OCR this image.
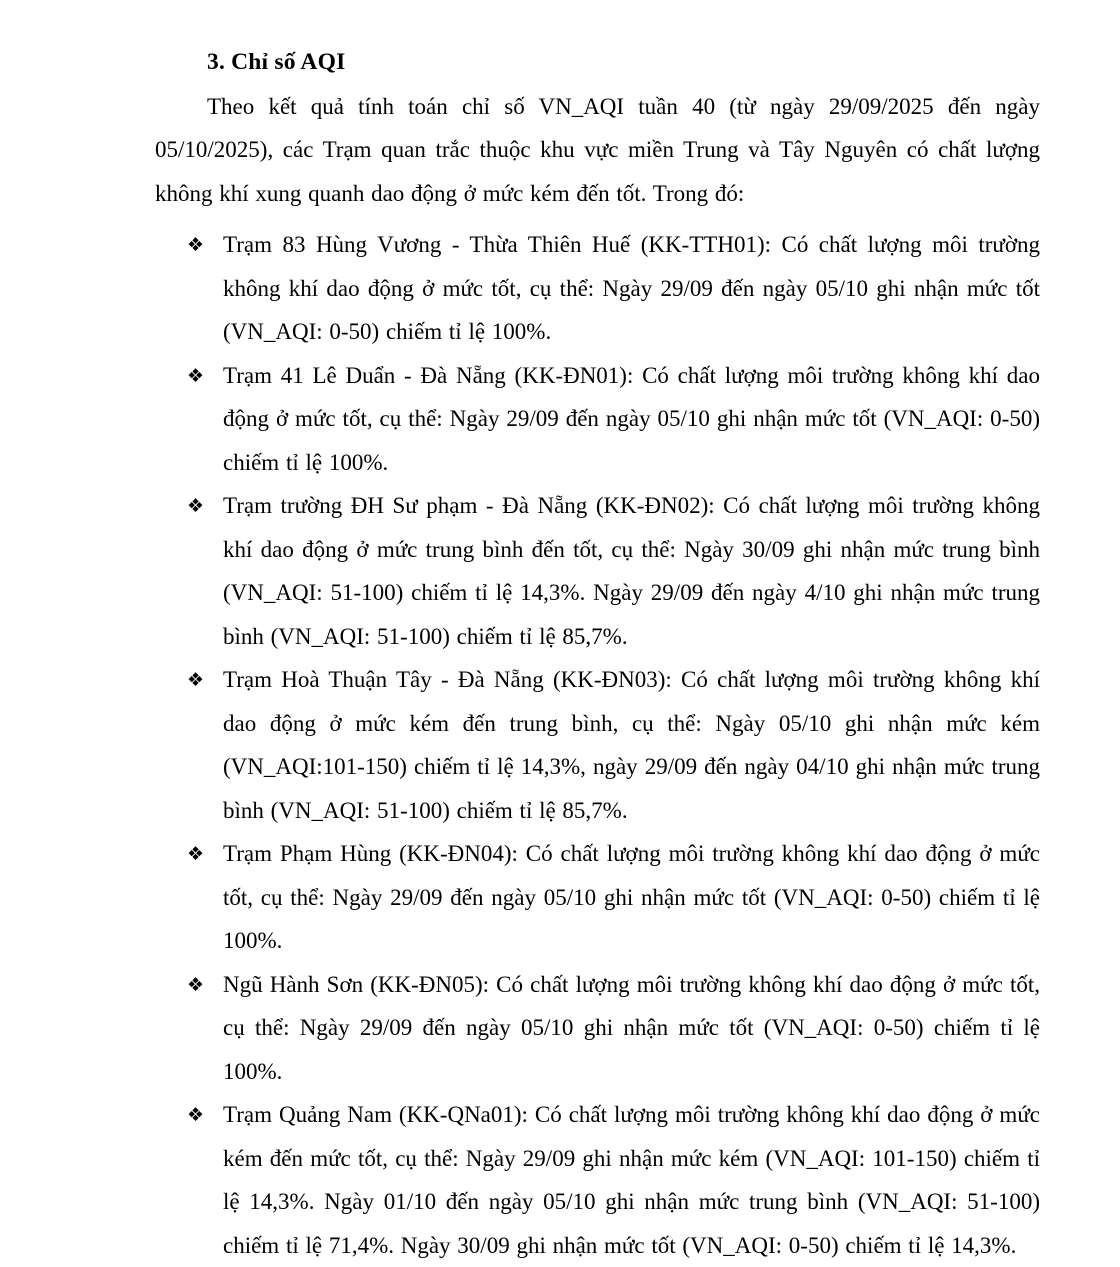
3. Chỉ số AQI

Theo kết quả tính toán chỉ số VN_AQI tuần 40 (từ ngày 29/09/2025 đến ngày 05/10/2025), các Trạm quan trắc thuộc khu vực miền Trung và Tây Nguyên có chất lượng không khí xung quanh dao động ở mức kém đến tốt. Trong đó:

❖ Trạm 83 Hùng Vương - Thừa Thiên Huế (KK-TTH01): Có chất lượng môi trường không khí dao động ở mức tốt, cụ thể: Ngày 29/09 đến ngày 05/10 ghi nhận mức tốt (VN_AQI: 0-50) chiếm tỉ lệ 100%.
❖ Trạm 41 Lê Duẩn - Đà Nẵng (KK-ĐN01): Có chất lượng môi trường không khí dao động ở mức tốt, cụ thể: Ngày 29/09 đến ngày 05/10 ghi nhận mức tốt (VN_AQI: 0-50) chiếm tỉ lệ 100%.
❖ Trạm trường ĐH Sư phạm - Đà Nẵng (KK-ĐN02): Có chất lượng môi trường không khí dao động ở mức trung bình đến tốt, cụ thể: Ngày 30/09 ghi nhận mức trung bình (VN_AQI: 51-100) chiếm tỉ lệ 14,3%. Ngày 29/09 đến ngày 4/10 ghi nhận mức trung bình (VN_AQI: 51-100) chiếm tỉ lệ 85,7%.
❖ Trạm Hoà Thuận Tây - Đà Nẵng (KK-ĐN03): Có chất lượng môi trường không khí dao động ở mức kém đến trung bình, cụ thể: Ngày 05/10 ghi nhận mức kém (VN_AQI:101-150) chiếm tỉ lệ 14,3%, ngày 29/09 đến ngày 04/10 ghi nhận mức trung bình (VN_AQI: 51-100) chiếm tỉ lệ 85,7%.
❖ Trạm Phạm Hùng (KK-ĐN04): Có chất lượng môi trường không khí dao động ở mức tốt, cụ thể: Ngày 29/09 đến ngày 05/10 ghi nhận mức tốt (VN_AQI: 0-50) chiếm tỉ lệ 100%.
❖ Ngũ Hành Sơn (KK-ĐN05): Có chất lượng môi trường không khí dao động ở mức tốt, cụ thể: Ngày 29/09 đến ngày 05/10 ghi nhận mức tốt (VN_AQI: 0-50) chiếm tỉ lệ 100%.
❖ Trạm Quảng Nam (KK-QNa01): Có chất lượng môi trường không khí dao động ở mức kém đến mức tốt, cụ thể: Ngày 29/09 ghi nhận mức kém (VN_AQI: 101-150) chiếm tỉ lệ 14,3%. Ngày 01/10 đến ngày 05/10 ghi nhận mức trung bình (VN_AQI: 51-100) chiếm tỉ lệ 71,4%. Ngày 30/09 ghi nhận mức tốt (VN_AQI: 0-50) chiếm tỉ lệ 14,3%.
